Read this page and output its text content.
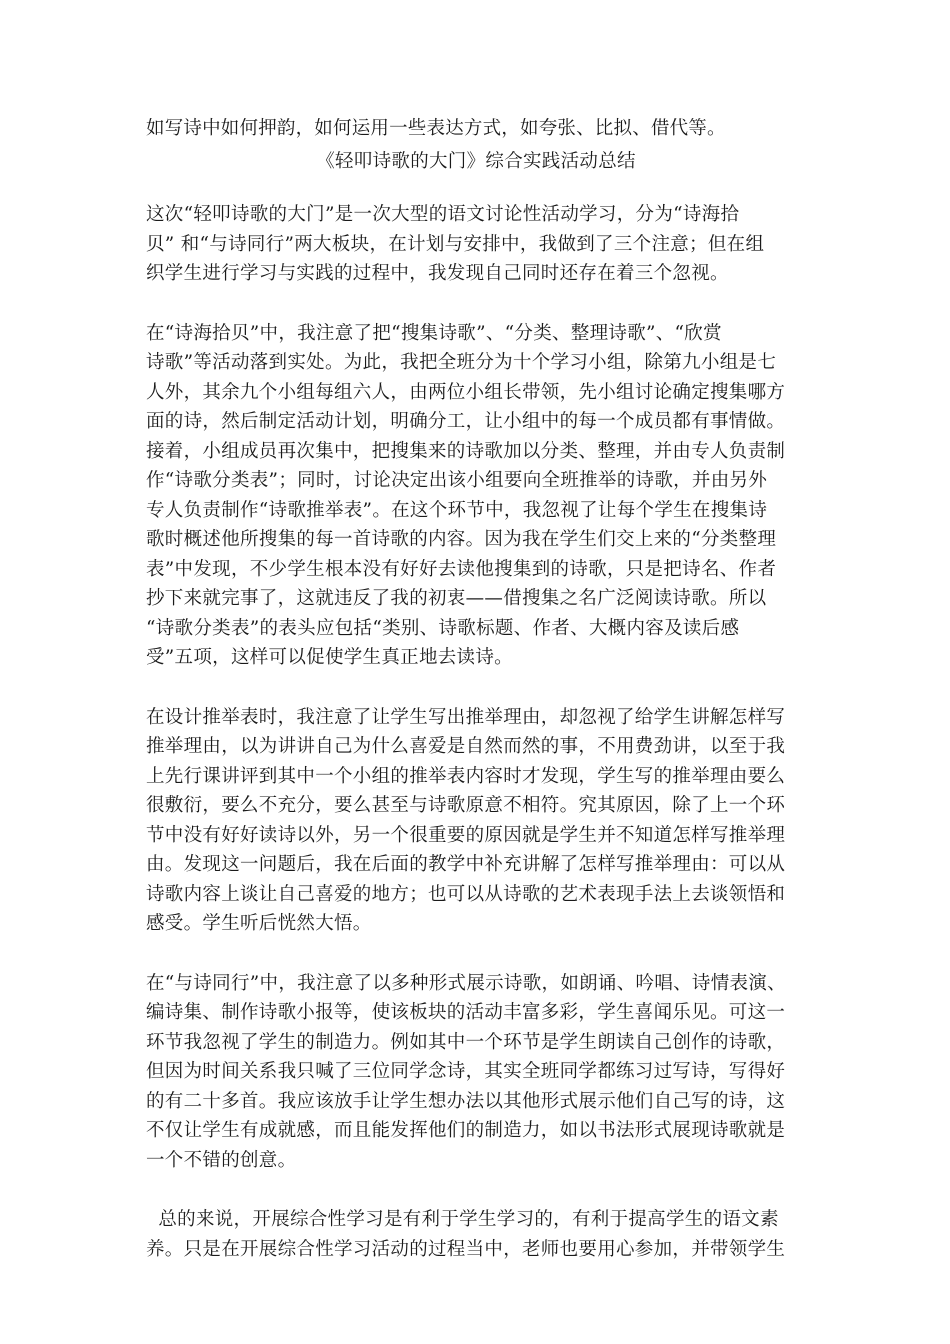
如写诗中如何押韵，如何运用一些表达方式，如夸张、比拟、借代等。
《轻叩诗歌的大门》综合实践活动总结
这次“轻叩诗歌的大门”是一次大型的语文讨论性活动学习，分为“诗海拾
贝” 和“与诗同行”两大板块，在计划与安排中，我做到了三个注意；但在组
织学生进行学习与实践的过程中，我发现自己同时还存在着三个忽视。
在“诗海拾贝”中，我注意了把“搜集诗歌”、“分类、整理诗歌”、“欣赏
诗歌”等活动落到实处。为此，我把全班分为十个学习小组，除第九小组是七
人外，其余九个小组每组六人，由两位小组长带领，先小组讨论确定搜集哪方
面的诗，然后制定活动计划，明确分工，让小组中的每一个成员都有事情做。
接着，小组成员再次集中，把搜集来的诗歌加以分类、整理，并由专人负责制
作“诗歌分类表”；同时，讨论决定出该小组要向全班推举的诗歌，并由另外
专人负责制作“诗歌推举表”。在这个环节中，我忽视了让每个学生在搜集诗
歌时概述他所搜集的每一首诗歌的内容。因为我在学生们交上来的“分类整理
表”中发现，不少学生根本没有好好去读他搜集到的诗歌，只是把诗名、作者
抄下来就完事了，这就违反了我的初衷——借搜集之名广泛阅读诗歌。所以
“诗歌分类表”的表头应包括“类别、诗歌标题、作者、大概内容及读后感
受”五项，这样可以促使学生真正地去读诗。
在设计推举表时，我注意了让学生写出推举理由，却忽视了给学生讲解怎样写
推举理由，以为讲讲自己为什么喜爱是自然而然的事，不用费劲讲，以至于我
上先行课讲评到其中一个小组的推举表内容时才发现，学生写的推举理由要么
很敷衍，要么不充分，要么甚至与诗歌原意不相符。究其原因，除了上一个环
节中没有好好读诗以外，另一个很重要的原因就是学生并不知道怎样写推举理
由。发现这一问题后，我在后面的教学中补充讲解了怎样写推举理由：可以从
诗歌内容上谈让自己喜爱的地方；也可以从诗歌的艺术表现手法上去谈领悟和
感受。学生听后恍然大悟。
在“与诗同行”中，我注意了以多种形式展示诗歌，如朗诵、吟唱、诗情表演、
编诗集、制作诗歌小报等，使该板块的活动丰富多彩，学生喜闻乐见。可这一
环节我忽视了学生的制造力。例如其中一个环节是学生朗读自己创作的诗歌，
但因为时间关系我只喊了三位同学念诗，其实全班同学都练习过写诗，写得好
的有二十多首。我应该放手让学生想办法以其他形式展示他们自己写的诗，这
不仅让学生有成就感，而且能发挥他们的制造力，如以书法形式展现诗歌就是
一个不错的创意。
总的来说，开展综合性学习是有利于学生学习的，有利于提高学生的语文素
养。只是在开展综合性学习活动的过程当中，老师也要用心参加，并带领学生
